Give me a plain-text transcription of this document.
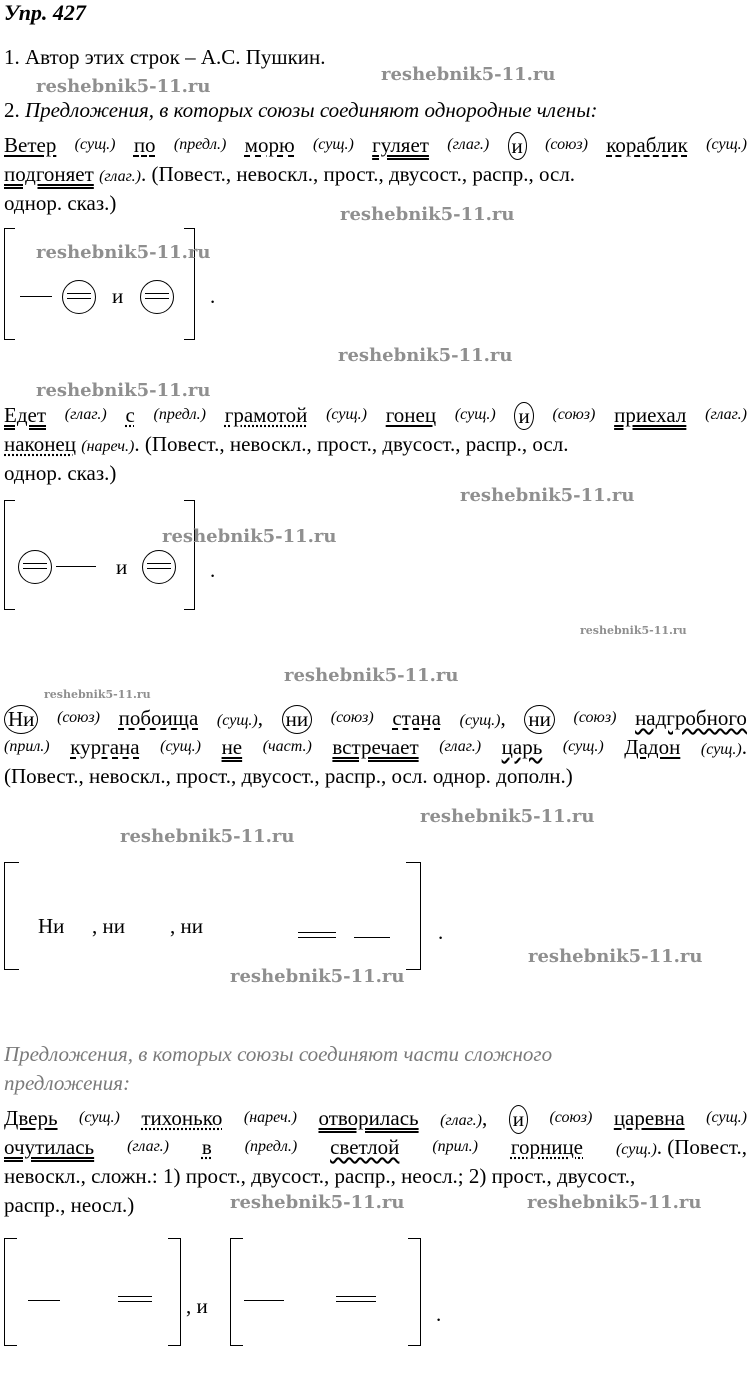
Упр. 427
1. Автор этих строк – А.С. Пушкин.
2. Предложения, в которых союзы соединяют однородные члены:
Ветер (сущ.) по (предл.) морю (сущ.) гуляет (глаг.) и (союз) кораблик (сущ.)
подгоняет (глаг.). (Повест., невоскл., прост., двусост., распр., осл.
однор. сказ.)
и	.
Едет (глаг.) с (предл.) грамотой (сущ.) гонец (сущ.) и (союз) приехал (глаг.)
наконец (нареч.). (Повест., невоскл., прост., двусост., распр., осл.
однор. сказ.)
и	.
Ни (союз) побоища (сущ.), ни (союз) стана (сущ.), ни (союз) надгробного
(прил.) кургана (сущ.) не (част.) встречает (глаг.) царь (сущ.) Дадон (сущ.).
(Повест., невоскл., прост., двусост., распр., осл. однор. дополн.)
Ни , ни , ни	.
Предложения, в которых союзы соединяют части сложного
предложения:
Дверь (сущ.) тихонько (нареч.) отворилась (глаг.), и (союз) царевна (сущ.)
очутилась (глаг.) в (предл.) светлой (прил.) горнице (сущ.). (Повест.,
невоскл., сложн.: 1) прост., двусост., распр., неосл.; 2) прост., двусост.,
распр., неосл.)
, и	.
reshebnik5-11.ru
reshebnik5-11.ru
reshebnik5-11.ru
reshebnik5-11.ru
reshebnik5-11.ru
reshebnik5-11.ru
reshebnik5-11.ru
reshebnik5-11.ru
reshebnik5-11.ru
reshebnik5-11.ru
reshebnik5-11.ru
reshebnik5-11.ru
reshebnik5-11.ru
reshebnik5-11.ru
reshebnik5-11.ru
reshebnik5-11.ru	reshebnik5-11.ru
